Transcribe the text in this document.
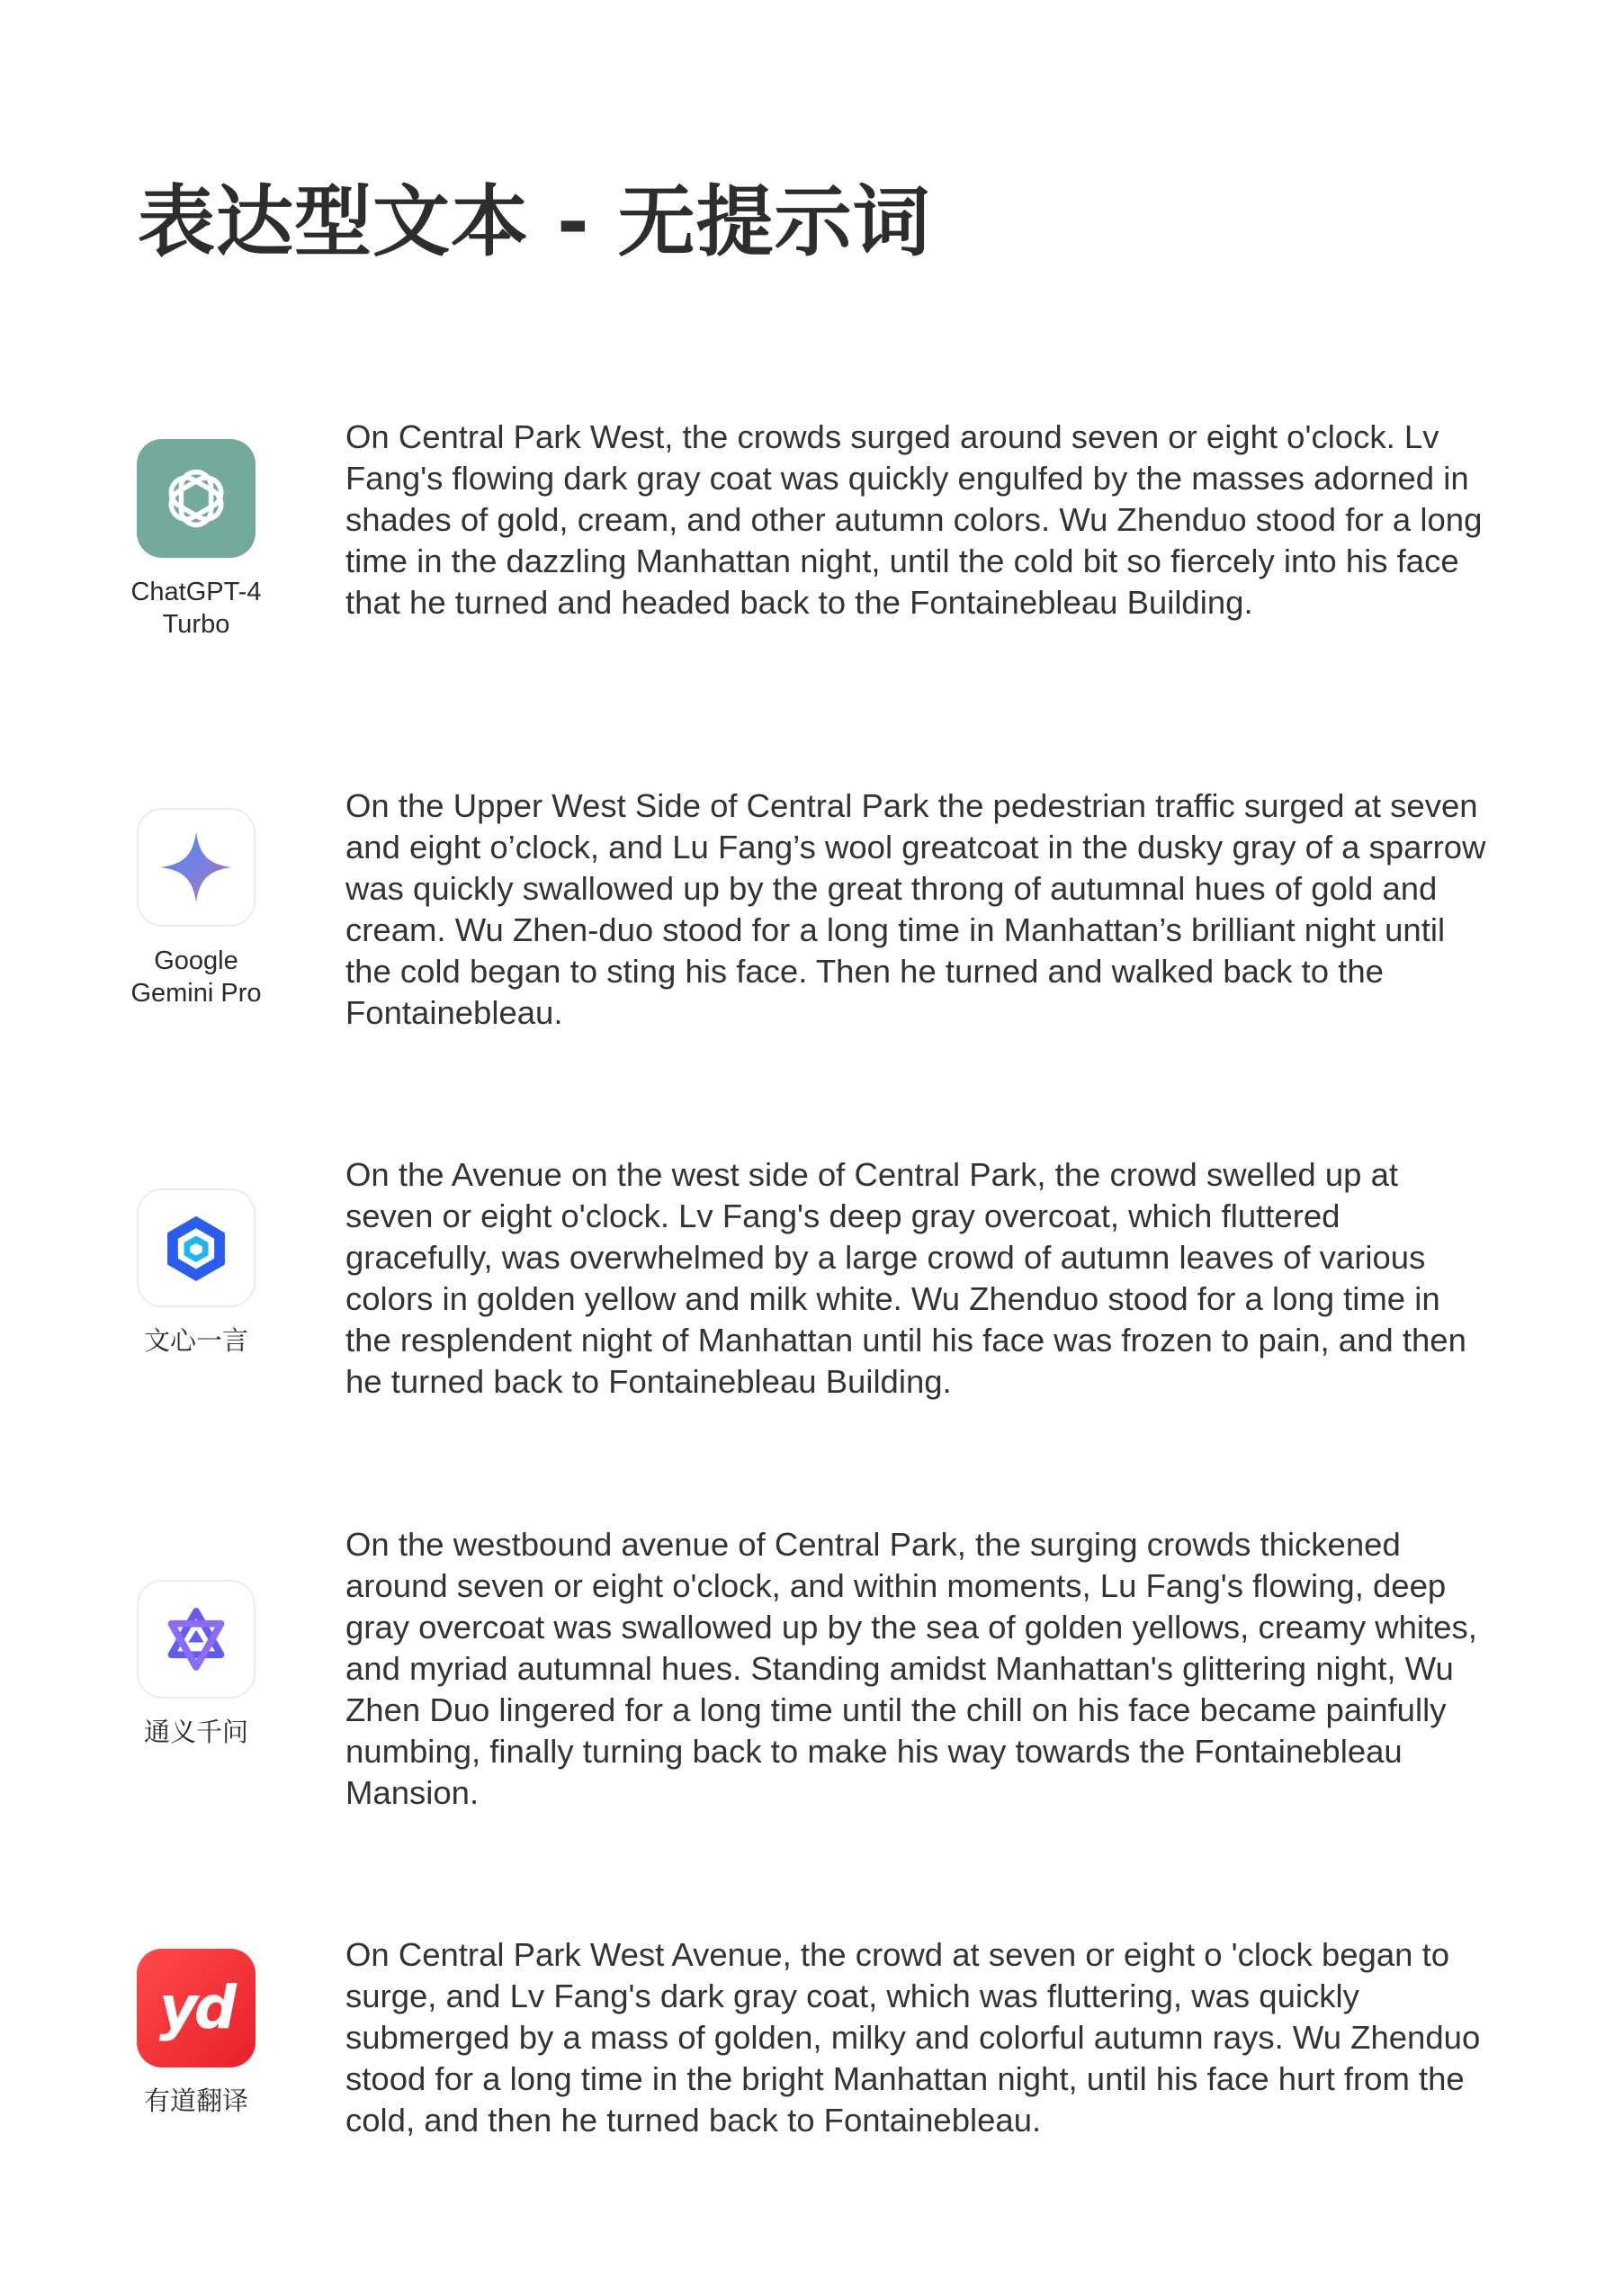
表达型文本 - 无提示词
ChatGPT-4
Turbo

On Central Park West, the crowds surged around seven or eight o'clock. Lv Fang's flowing dark gray coat was quickly engulfed by the masses adorned in shades of gold, cream, and other autumn colors. Wu Zhenduo stood for a long time in the dazzling Manhattan night, until the cold bit so fiercely into his face that he turned and headed back to the Fontainebleau Building.

Google
Gemini Pro

On the Upper West Side of Central Park the pedestrian traffic surged at seven and eight o’clock, and Lu Fang’s wool greatcoat in the dusky gray of a sparrow was quickly swallowed up by the great throng of autumnal hues of gold and cream. Wu Zhen-duo stood for a long time in Manhattan’s brilliant night until the cold began to sting his face. Then he turned and walked back to the Fontainebleau.

文心一言

On the Avenue on the west side of Central Park, the crowd swelled up at seven or eight o'clock. Lv Fang's deep gray overcoat, which fluttered gracefully, was overwhelmed by a large crowd of autumn leaves of various colors in golden yellow and milk white. Wu Zhenduo stood for a long time in the resplendent night of Manhattan until his face was frozen to pain, and then he turned back to Fontainebleau Building.

通义千问

On the westbound avenue of Central Park, the surging crowds thickened around seven or eight o'clock, and within moments, Lu Fang's flowing, deep gray overcoat was swallowed up by the sea of golden yellows, creamy whites, and myriad autumnal hues. Standing amidst Manhattan's glittering night, Wu Zhen Duo lingered for a long time until the chill on his face became painfully numbing, finally turning back to make his way towards the Fontainebleau Mansion.

yd
有道翻译

On Central Park West Avenue, the crowd at seven or eight o 'clock began to surge, and Lv Fang's dark gray coat, which was fluttering, was quickly submerged by a mass of golden, milky and colorful autumn rays. Wu Zhenduo stood for a long time in the bright Manhattan night, until his face hurt from the cold, and then he turned back to Fontainebleau.
